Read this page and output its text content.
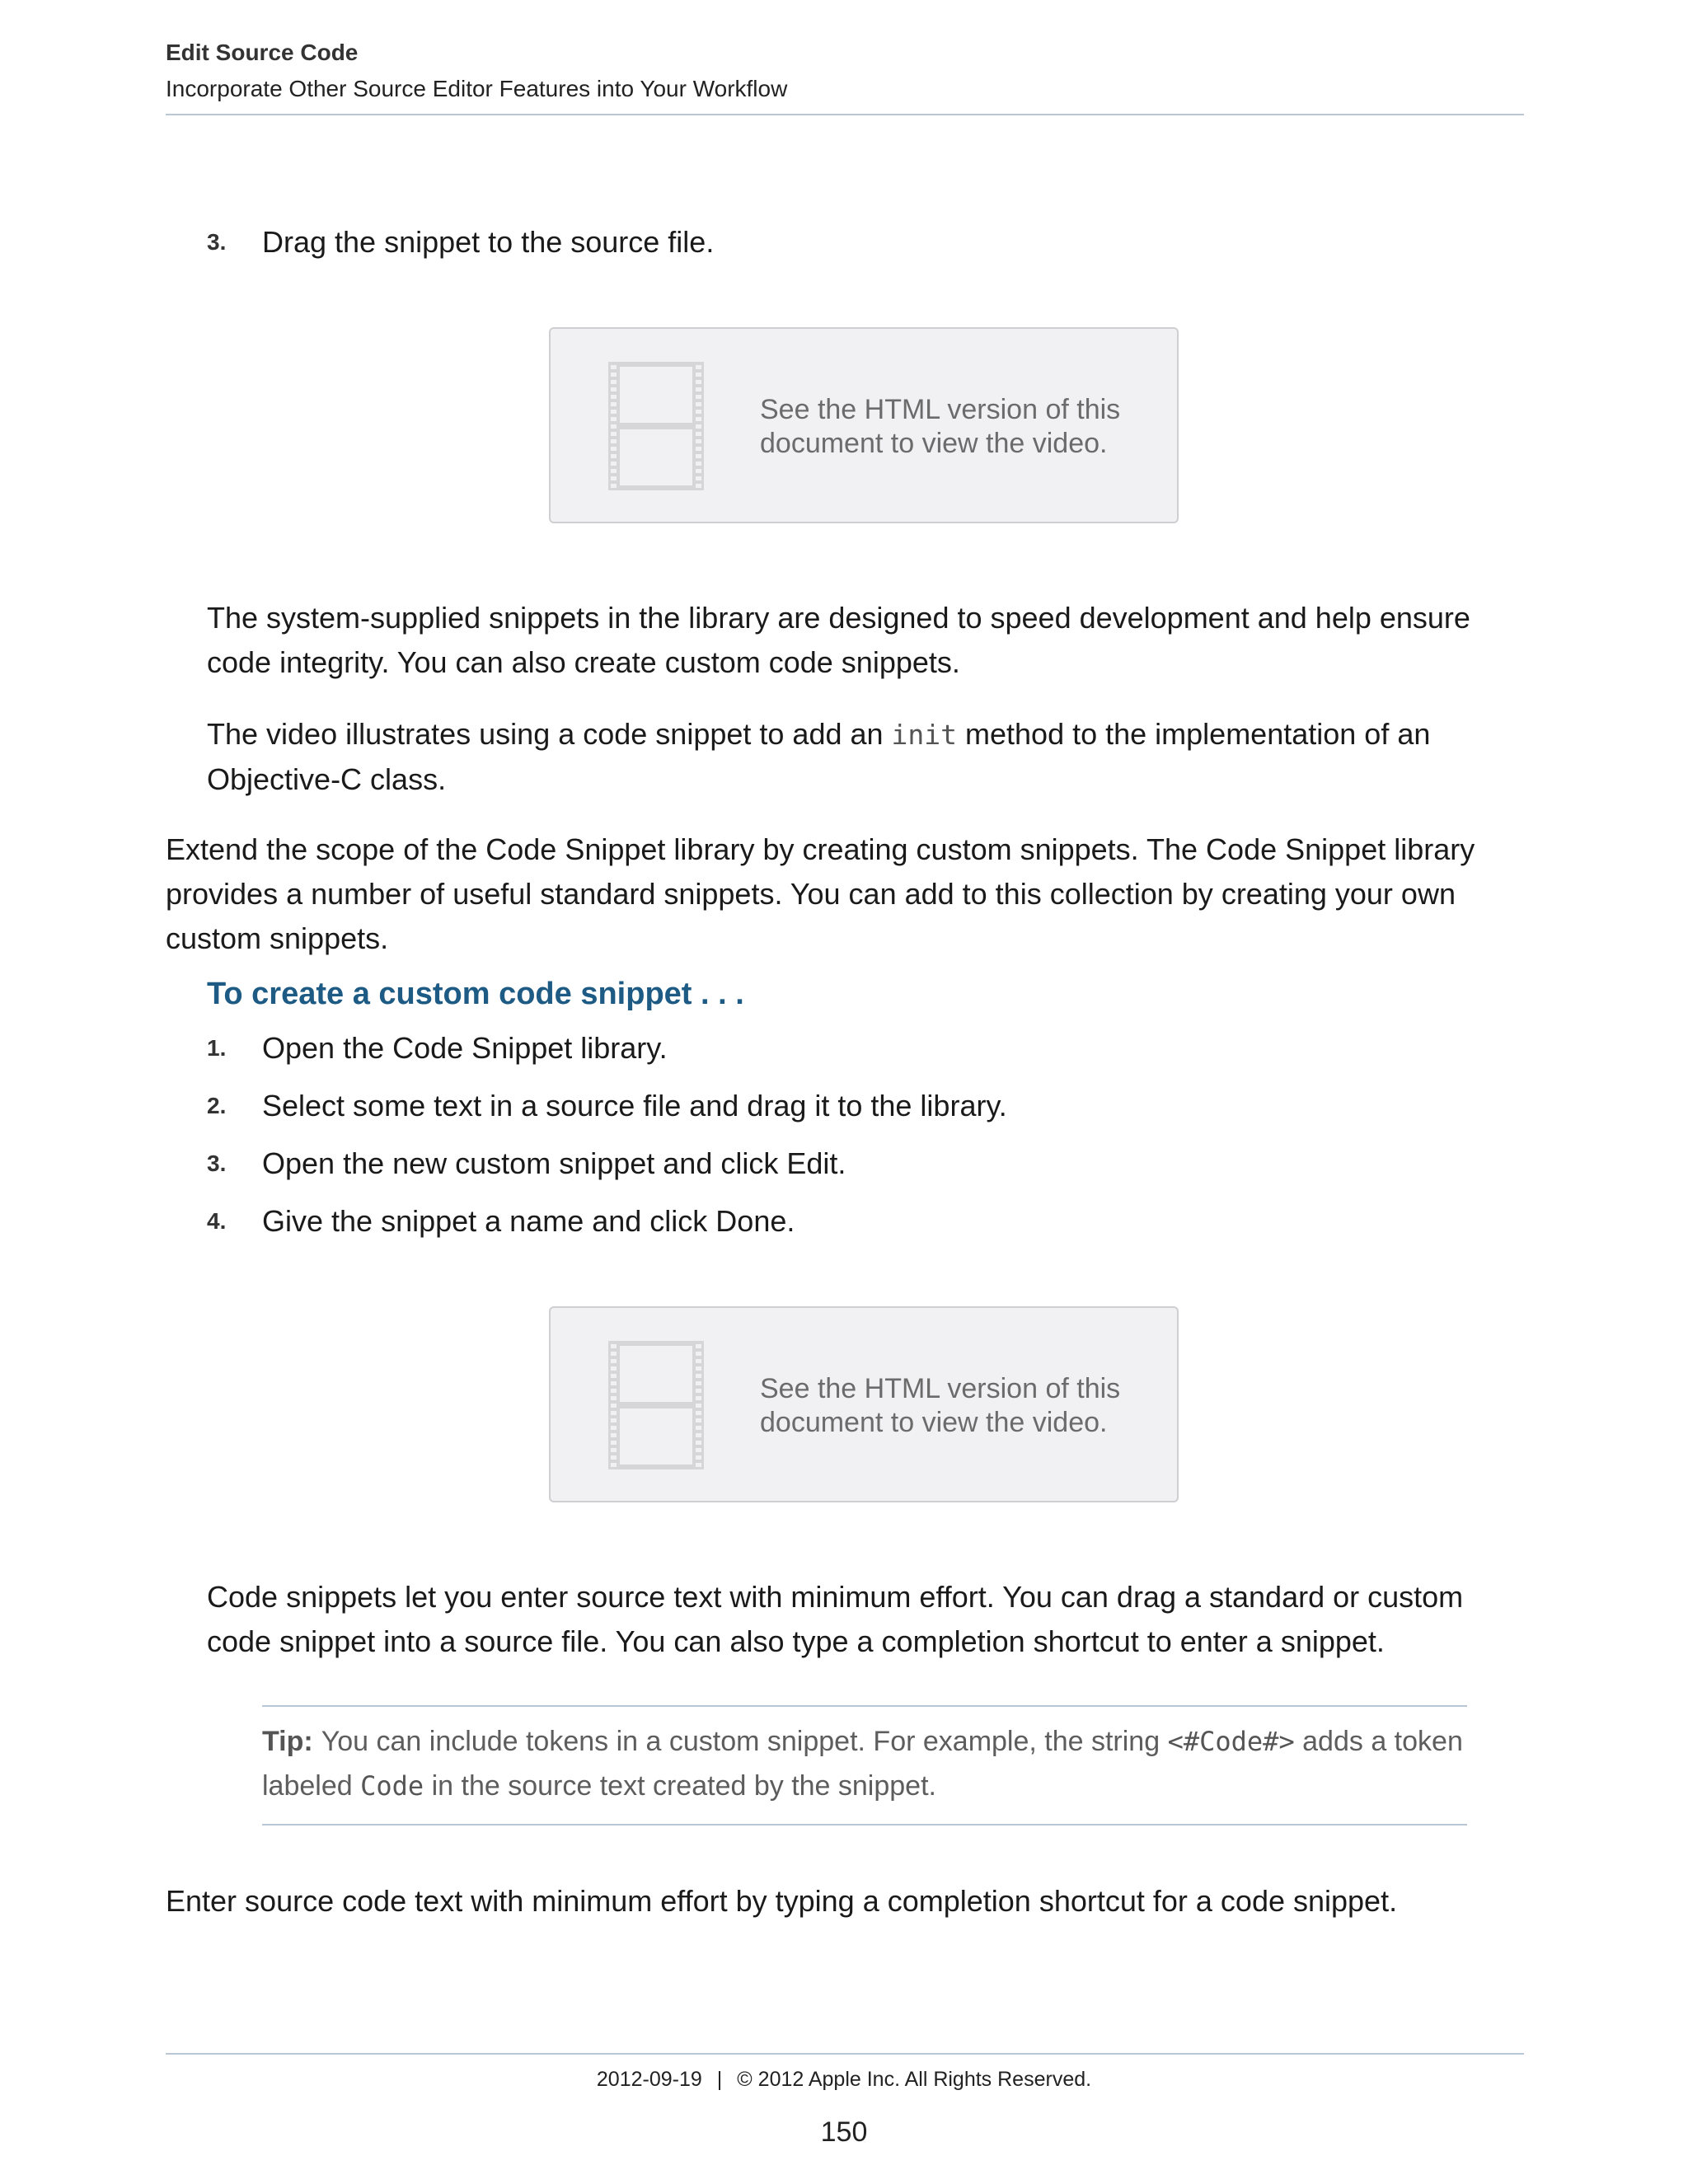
Edit Source Code
Incorporate Other Source Editor Features into Your Workflow
3. Drag the snippet to the source file.
See the HTML version of this
document to view the video.
The system-supplied snippets in the library are designed to speed development and help ensure code integrity. You can also create custom code snippets.
The video illustrates using a code snippet to add an init method to the implementation of an Objective-C class.
Extend the scope of the Code Snippet library by creating custom snippets. The Code Snippet library provides a number of useful standard snippets. You can add to this collection by creating your own custom snippets.
To create a custom code snippet . . .
1. Open the Code Snippet library.
2. Select some text in a source file and drag it to the library.
3. Open the new custom snippet and click Edit.
4. Give the snippet a name and click Done.
See the HTML version of this
document to view the video.
Code snippets let you enter source text with minimum effort. You can drag a standard or custom code snippet into a source file. You can also type a completion shortcut to enter a snippet.
Tip: You can include tokens in a custom snippet. For example, the string <#Code#> adds a token labeled Code in the source text created by the snippet.
Enter source code text with minimum effort by typing a completion shortcut for a code snippet.
2012-09-19 | © 2012 Apple Inc. All Rights Reserved.
150
